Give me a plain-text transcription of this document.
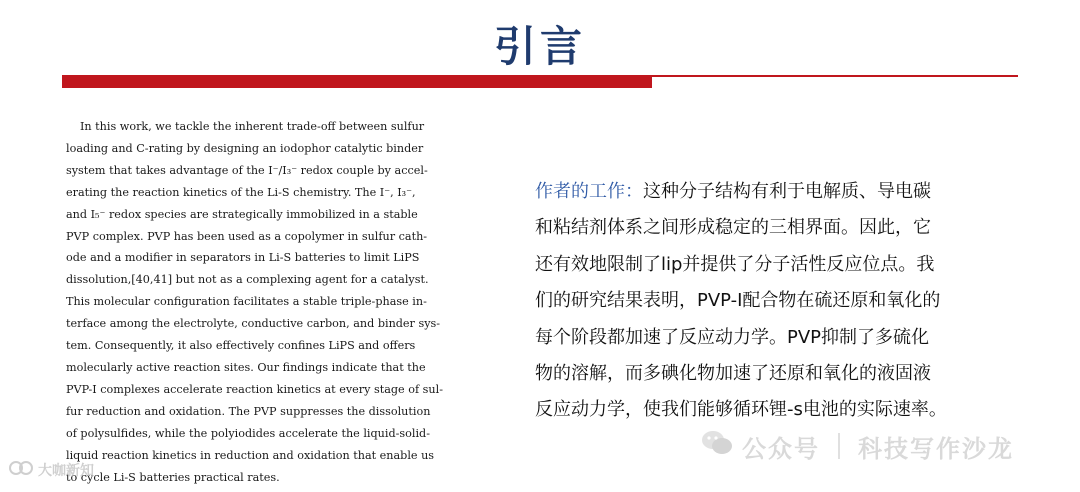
引言
In this work, we tackle the inherent trade-off between sulfur
loading and C-rating by designing an iodophor catalytic binder
system that takes advantage of the I⁻/I₃⁻ redox couple by accel-
erating the reaction kinetics of the Li-S chemistry. The I⁻, I₃⁻,
and I₅⁻ redox species are strategically immobilized in a stable
PVP complex. PVP has been used as a copolymer in sulfur cath-
ode and a modifier in separators in Li-S batteries to limit LiPS
dissolution,[40,41] but not as a complexing agent for a catalyst.
This molecular configuration facilitates a stable triple-phase in-
terface among the electrolyte, conductive carbon, and binder sys-
tem. Consequently, it also effectively confines LiPS and offers
molecularly active reaction sites. Our findings indicate that the
PVP-I complexes accelerate reaction kinetics at every stage of sul-
fur reduction and oxidation. The PVP suppresses the dissolution
of polysulfides, while the polyiodides accelerate the liquid-solid-
liquid reaction kinetics in reduction and oxidation that enable us
to cycle Li-S batteries practical rates.
作者的工作：这种分子结构有利于电解质、导电碳
和粘结剂体系之间形成稳定的三相界面。因此，它
还有效地限制了lip并提供了分子活性反应位点。我
们的研究结果表明，PVP-I配合物在硫还原和氧化的
每个阶段都加速了反应动力学。PVP抑制了多硫化
物的溶解，而多碘化物加速了还原和氧化的液固液
反应动力学，使我们能够循环锂-s电池的实际速率。
大咖新知
公众号 科技写作沙龙
